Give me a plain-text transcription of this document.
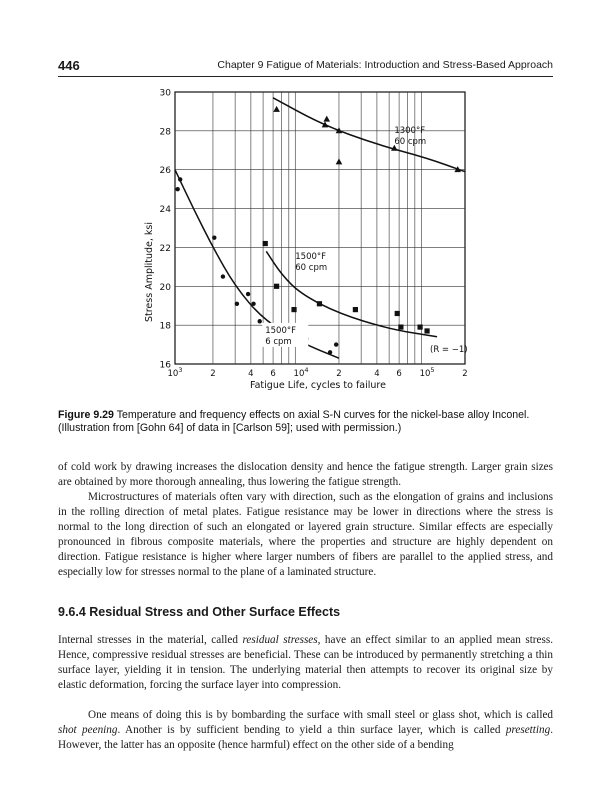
446	Chapter 9 Fatigue of Materials: Introduction and Stress-Based Approach
16
18
20
22
24
26
28
30
$10^3$	2	4 6 $10^4$	2	4 6 $10^5$	2
1300°F
60 cpm
1500°F
60 cpm
1500°F
6 cpm
(R = −1)
Fatigue Life, cycles to failure
Stress Amplitude, ksi
Figure 9.29 Temperature and frequency effects on axial S-N curves for the nickel-base alloy Inconel. (Illustration from [Gohn 64] of data in [Carlson 59]; used with permission.)

of cold work by drawing increases the dislocation density and hence the fatigue strength. Larger grain sizes are obtained by more thorough annealing, thus lowering the fatigue strength.

Microstructures of materials often vary with direction, such as the elongation of grains and inclusions in the rolling direction of metal plates. Fatigue resistance may be lower in directions where the stress is normal to the long direction of such an elongated or layered grain structure. Similar effects are especially pronounced in fibrous composite materials, where the properties and structure are highly dependent on direction. Fatigue resistance is higher where larger numbers of fibers are parallel to the applied stress, and especially low for stresses normal to the plane of a laminated structure.

9.6.4 Residual Stress and Other Surface Effects

Internal stresses in the material, called residual stresses, have an effect similar to an applied mean stress. Hence, compressive residual stresses are beneficial. These can be introduced by permanently stretching a thin surface layer, yielding it in tension. The underlying material then attempts to recover its original size by elastic deformation, forcing the surface layer into compression.

One means of doing this is by bombarding the surface with small steel or glass shot, which is called shot peening. Another is by sufficient bending to yield a thin surface layer, which is called presetting. However, the latter has an opposite (hence harmful) effect on the other side of a bending
